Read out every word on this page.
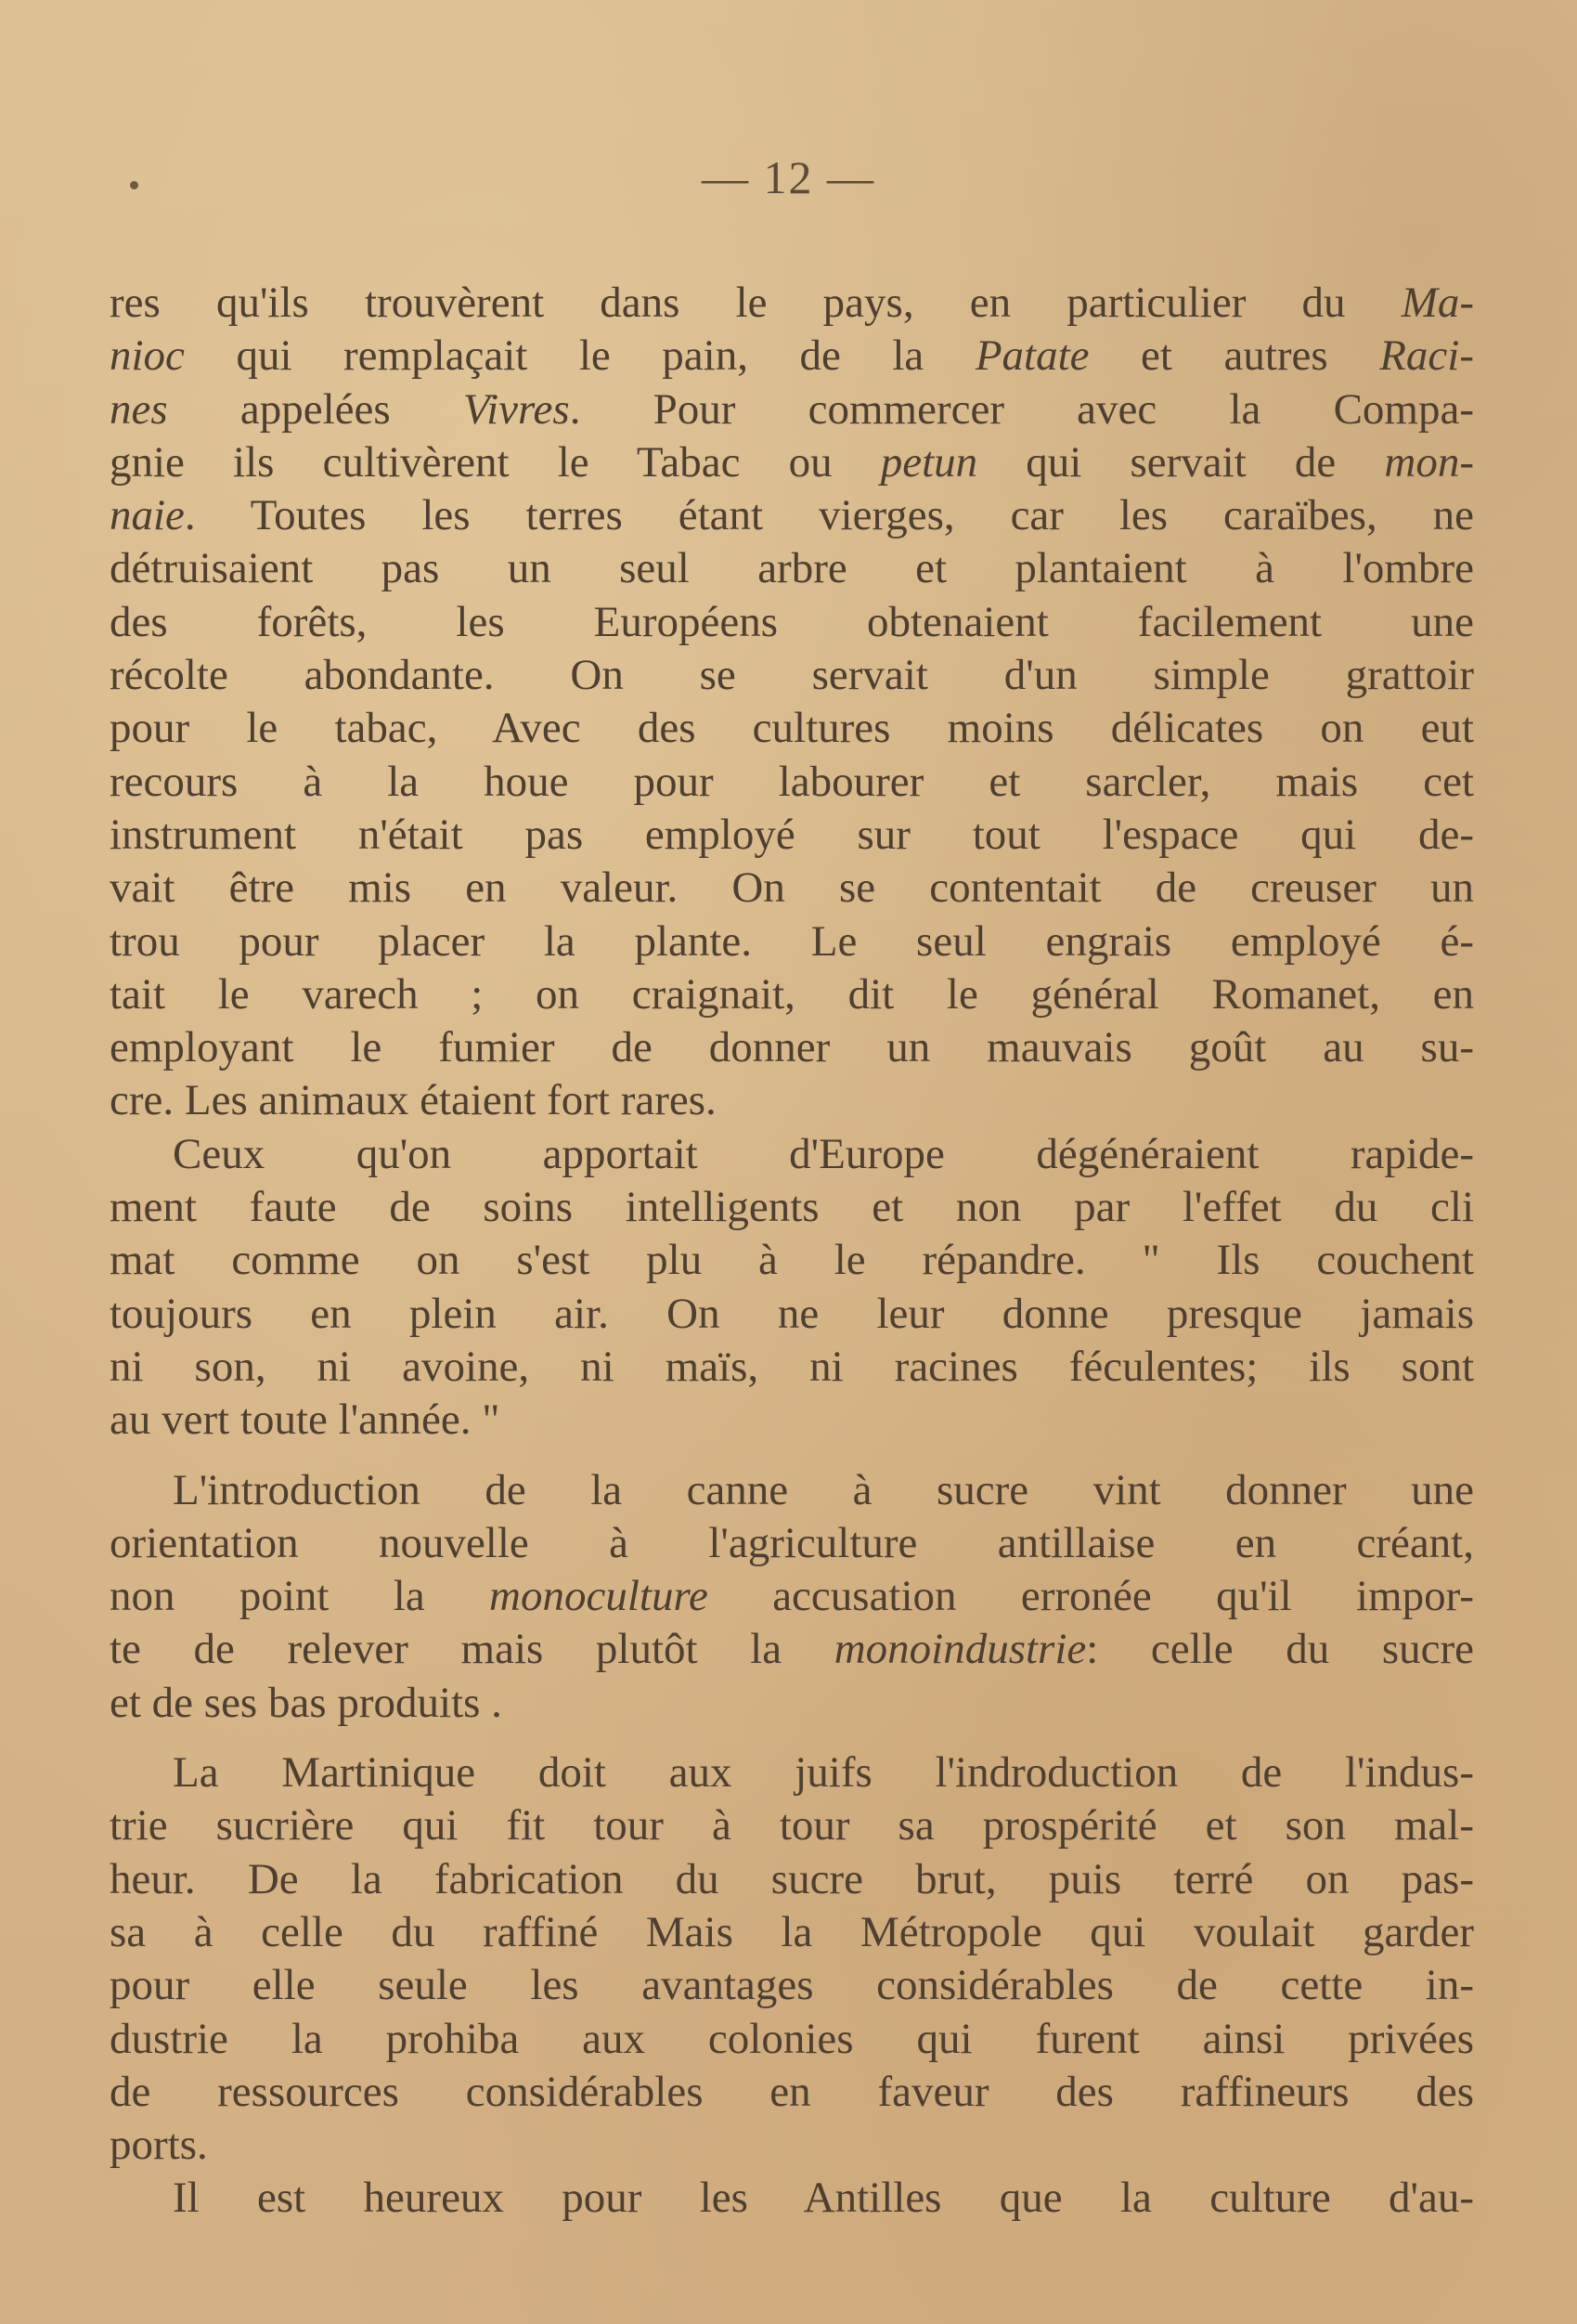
— 12 —
res qu'ils trouvèrent dans le pays, en particulier du Ma-
nioc qui remplaçait le pain, de la Patate et autres Raci-
nes appelées Vivres. Pour commercer avec la Compa-
gnie ils cultivèrent le Tabac ou petun qui servait de mon-
naie. Toutes les terres étant vierges, car les caraïbes, ne
détruisaient pas un seul arbre et plantaient à l'ombre
des forêts, les Européens obtenaient facilement une
récolte abondante. On se servait d'un simple grattoir
pour le tabac, Avec des cultures moins délicates on eut
recours à la houe pour labourer et sarcler, mais cet
instrument n'était pas employé sur tout l'espace qui de-
vait être mis en valeur. On se contentait de creuser un
trou pour placer la plante. Le seul engrais employé é-
tait le varech ; on craignait, dit le général Romanet, en
employant le fumier de donner un mauvais goût au su-
cre. Les animaux étaient fort rares.
Ceux qu'on apportait d'Europe dégénéraient rapide-
ment faute de soins intelligents et non par l'effet du cli
mat comme on s'est plu à le répandre. " Ils couchent
toujours en plein air. On ne leur donne presque jamais
ni son, ni avoine, ni maïs, ni racines féculentes; ils sont
au vert toute l'année. "
L'introduction de la canne à sucre vint donner une
orientation nouvelle à l'agriculture antillaise en créant,
non point la monoculture accusation erronée qu'il impor-
te de relever mais plutôt la monoindustrie: celle du sucre
et de ses bas produits .
La Martinique doit aux juifs l'indroduction de l'indus-
trie sucrière qui fit tour à tour sa prospérité et son mal-
heur. De la fabrication du sucre brut, puis terré on pas-
sa à celle du raffiné Mais la Métropole qui voulait garder
pour elle seule les avantages considérables de cette in-
dustrie la prohiba aux colonies qui furent ainsi privées
de ressources considérables en faveur des raffineurs des
ports.
Il est heureux pour les Antilles que la culture d'au-
